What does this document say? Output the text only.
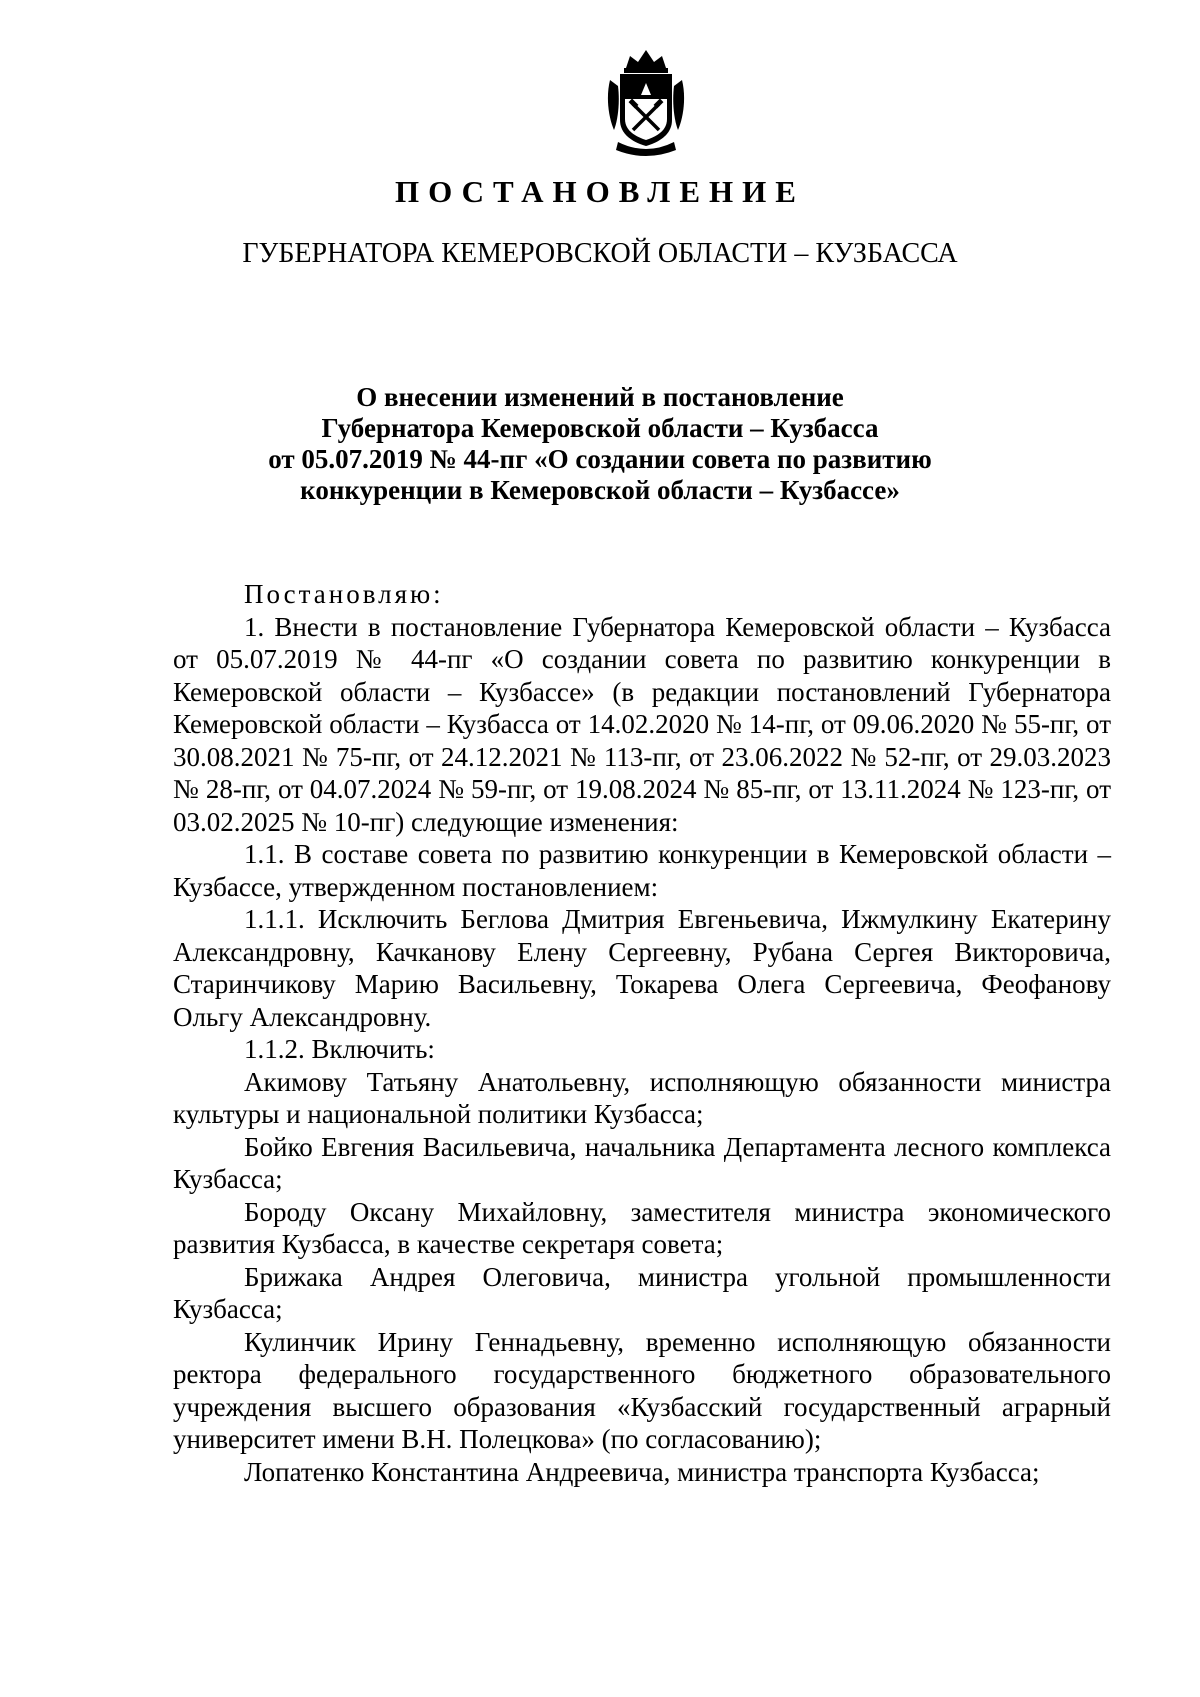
ПОСТАНОВЛЕНИЕ
ГУБЕРНАТОРА КЕМЕРОВСКОЙ ОБЛАСТИ – КУЗБАССА
О внесении изменений в постановление
Губернатора Кемеровской области – Кузбасса
от 05.07.2019 № 44-пг «О создании совета по развитию
конкуренции в Кемеровской области – Кузбассе»

Постановляю:

1. Внести в постановление Губернатора Кемеровской области – Кузбасса от 05.07.2019 № 44-пг «О создании совета по развитию конкуренции в Кемеровской области – Кузбассе» (в редакции постановлений Губернатора Кемеровской области – Кузбасса от 14.02.2020 № 14-пг, от 09.06.2020 № 55-пг, от 30.08.2021 № 75-пг, от 24.12.2021 № 113-пг, от 23.06.2022 № 52-пг, от 29.03.2023 № 28-пг, от 04.07.2024 № 59-пг, от 19.08.2024 № 85-пг, от 13.11.2024 № 123-пг, от 03.02.2025 № 10-пг) следующие изменения:

1.1. В составе совета по развитию конкуренции в Кемеровской области – Кузбассе, утвержденном постановлением:

1.1.1. Исключить Беглова Дмитрия Евгеньевича, Ижмулкину Екатерину Александровну, Качканову Елену Сергеевну, Рубана Сергея Викторовича, Старинчикову Марию Васильевну, Токарева Олега Сергеевича, Феофанову Ольгу Александровну.

1.1.2. Включить:

Акимову Татьяну Анатольевну, исполняющую обязанности министра культуры и национальной политики Кузбасса;

Бойко Евгения Васильевича, начальника Департамента лесного комплекса Кузбасса;

Бороду Оксану Михайловну, заместителя министра экономического развития Кузбасса, в качестве секретаря совета;

Брижака Андрея Олеговича, министра угольной промышленности Кузбасса;

Кулинчик Ирину Геннадьевну, временно исполняющую обязанности ректора федерального государственного бюджетного образовательного учреждения высшего образования «Кузбасский государственный аграрный университет имени В.Н. Полецкова» (по согласованию);

Лопатенко Константина Андреевича, министра транспорта Кузбасса;
